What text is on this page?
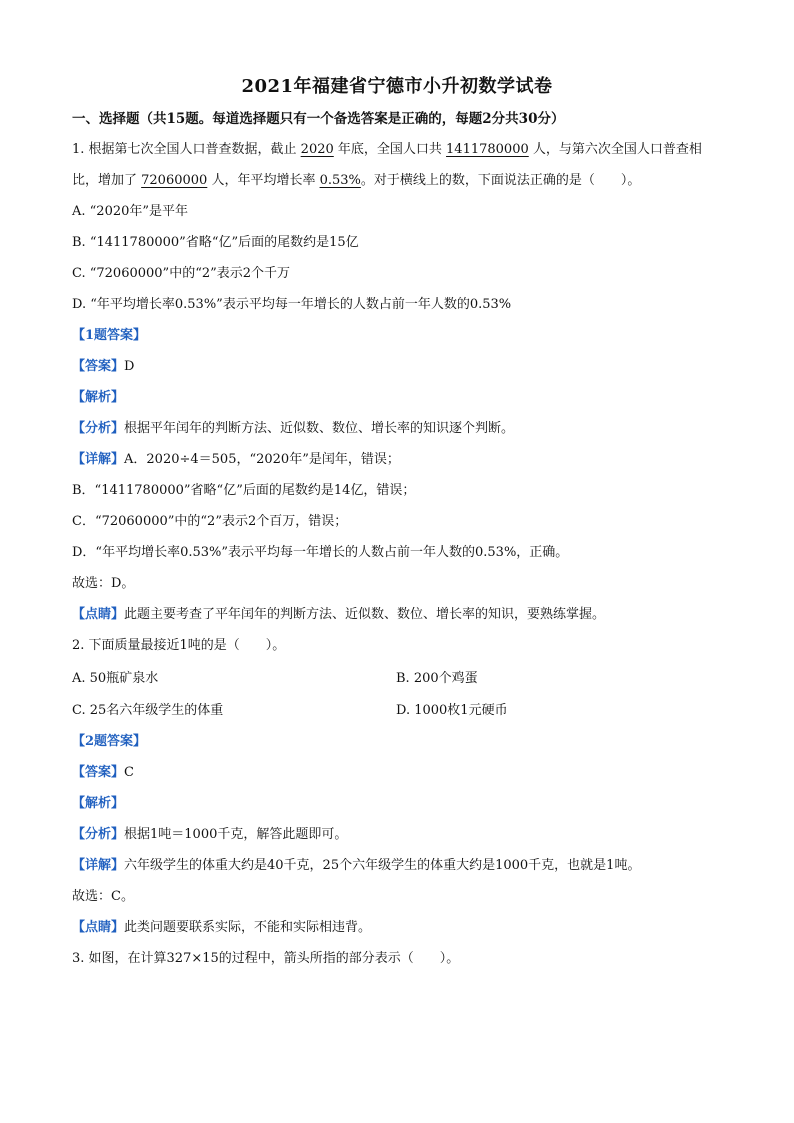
2021年福建省宁德市小升初数学试卷
一、选择题（共15题。每道选择题只有一个备选答案是正确的，每题2分共30分）
1. 根据第七次全国人口普查数据，截止 2020 年底，全国人口共 1411780000 人，与第六次全国人口普查相
比，增加了 72060000 人，年平均增长率 0.53%。对于横线上的数，下面说法正确的是（　　）。
A. “2020年”是平年
B. “1411780000”省略“亿”后面的尾数约是15亿
C. “72060000”中的“2”表示2个千万
D. “年平均增长率0.53%”表示平均每一年增长的人数占前一年人数的0.53%
【1题答案】
【答案】D
【解析】
【分析】根据平年闰年的判断方法、近似数、数位、增长率的知识逐个判断。
【详解】A．2020÷4＝505，“2020年”是闰年，错误；
B．“1411780000”省略“亿”后面的尾数约是14亿，错误；
C．“72060000”中的“2”表示2个百万，错误；
D．“年平均增长率0.53%”表示平均每一年增长的人数占前一年人数的0.53%，正确。
故选：D。
【点睛】此题主要考查了平年闰年的判断方法、近似数、数位、增长率的知识，要熟练掌握。
2. 下面质量最接近1吨的是（　　）。
A. 50瓶矿泉水	B. 200个鸡蛋
C. 25名六年级学生的体重	D. 1000枚1元硬币
【2题答案】
【答案】C
【解析】
【分析】根据1吨＝1000千克，解答此题即可。
【详解】六年级学生的体重大约是40千克，25个六年级学生的体重大约是1000千克，也就是1吨。
故选：C。
【点睛】此类问题要联系实际，不能和实际相违背。
3. 如图，在计算327×15的过程中，箭头所指的部分表示（　　）。
